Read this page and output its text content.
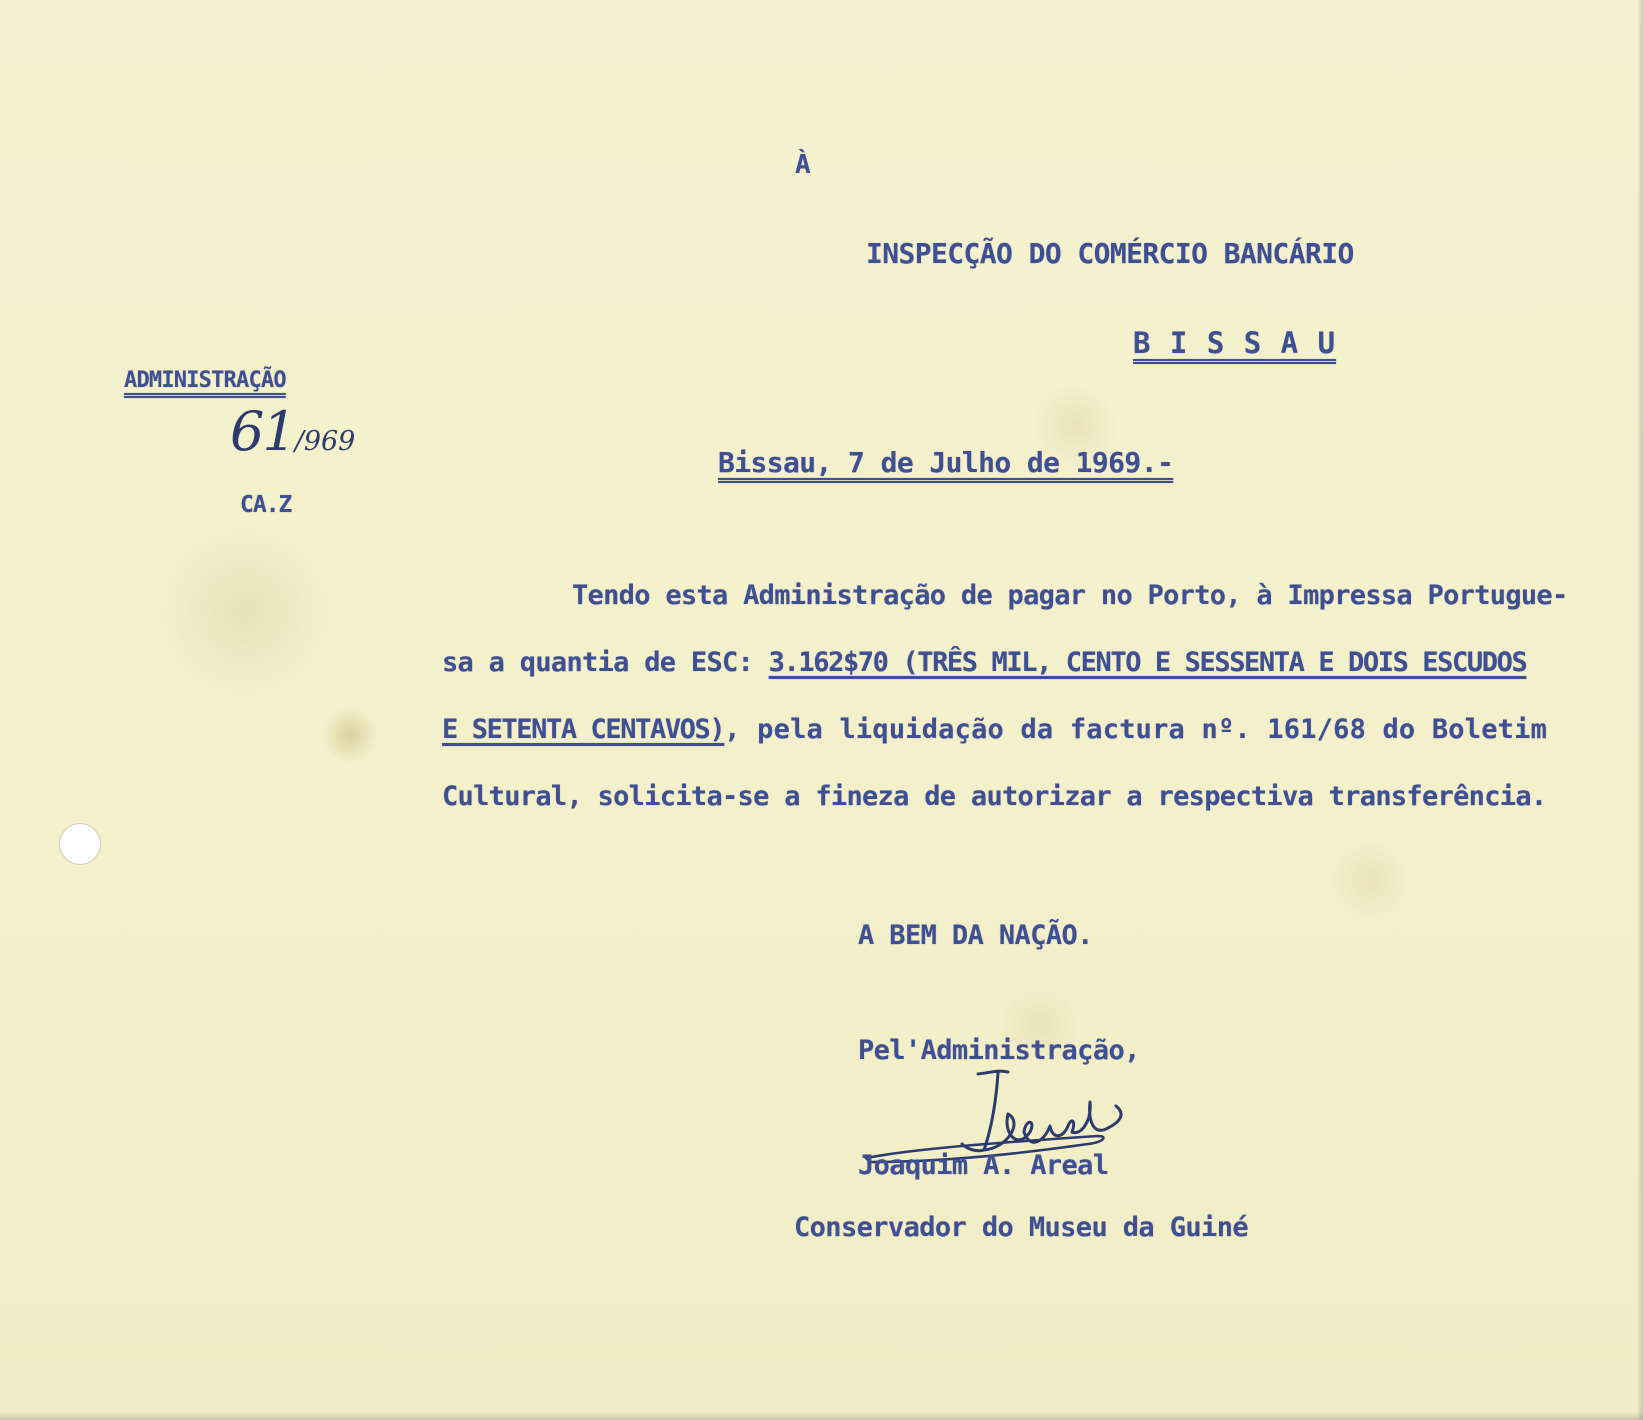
À

INSPECÇÃO DO COMÉRCIO BANCÁRIO

B I S S A U

ADMINISTRAÇÃO

61/969

CA.Z

Bissau, 7 de Julho de 1969.-

Tendo esta Administração de pagar no Porto, à Impressa Portugue-

sa a quantia de ESC: 3.162$70 (TRÊS MIL, CENTO E SESSENTA E DOIS ESCUDOS

E SETENTA CENTAVOS), pela liquidação da factura nº. 161/68 do Boletim

Cultural, solicita-se a fineza de autorizar a respectiva transferência.

A BEM DA NAÇÃO.

Pel'Administração,

Joaquim A. Areal

Conservador do Museu da Guiné
